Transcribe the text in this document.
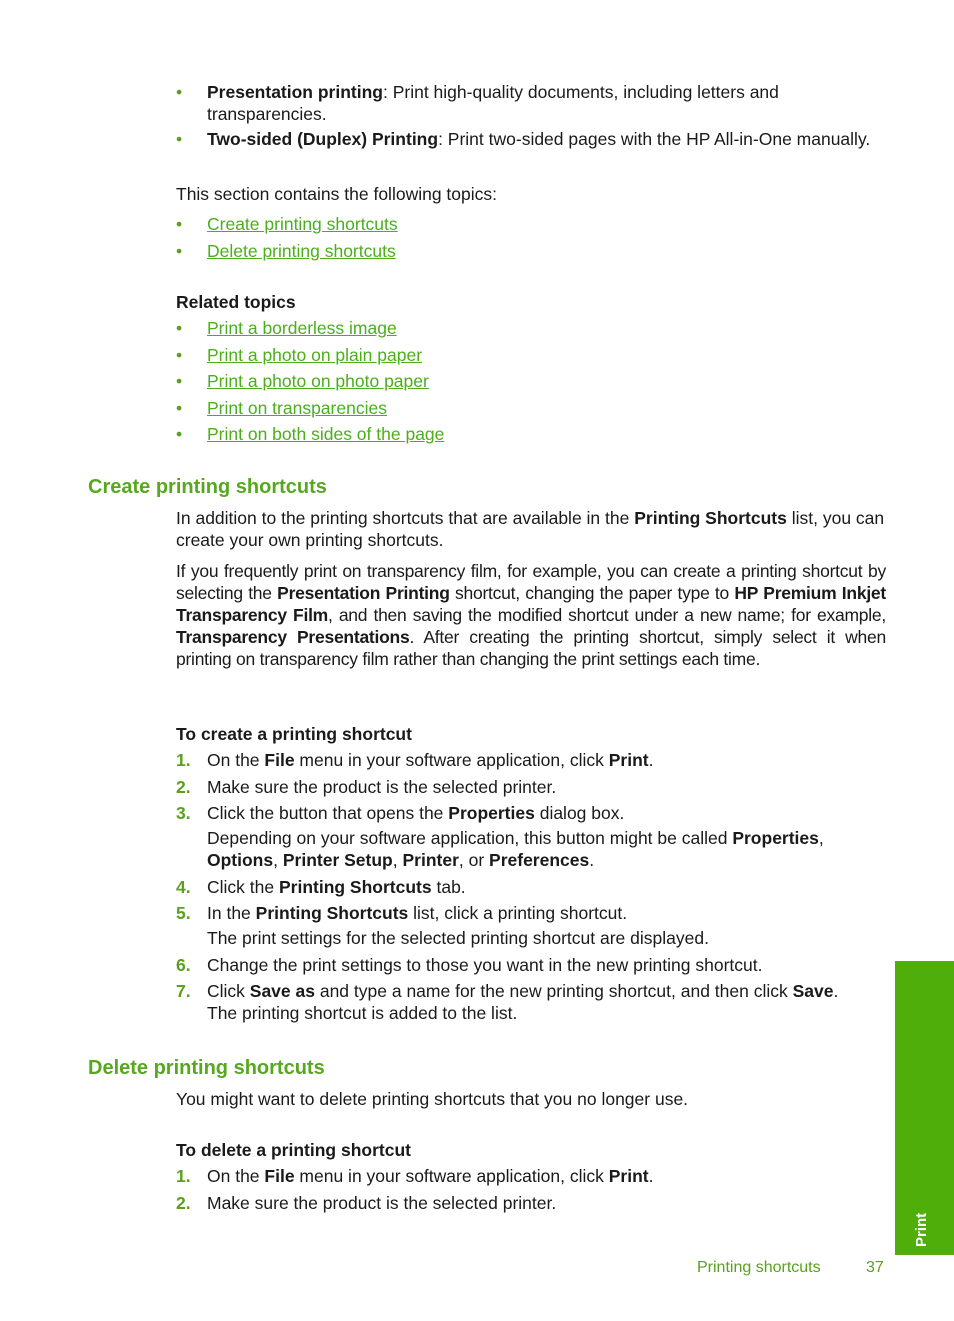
• Presentation printing: Print high-quality documents, including letters and transparencies.
• Two-sided (Duplex) Printing: Print two-sided pages with the HP All-in-One manually.

This section contains the following topics:

• Create printing shortcuts
• Delete printing shortcuts

Related topics

• Print a borderless image
• Print a photo on plain paper
• Print a photo on photo paper
• Print on transparencies
• Print on both sides of the page
Create printing shortcuts

In addition to the printing shortcuts that are available in the Printing Shortcuts list, you can create your own printing shortcuts.

If you frequently print on transparency film, for example, you can create a printing shortcut by selecting the Presentation Printing shortcut, changing the paper type to HP Premium Inkjet Transparency Film, and then saving the modified shortcut under a new name; for example, Transparency Presentations. After creating the printing shortcut, simply select it when printing on transparency film rather than changing the print settings each time.

To create a printing shortcut

1. On the File menu in your software application, click Print.
2. Make sure the product is the selected printer.
3. Click the button that opens the Properties dialog box.

Depending on your software application, this button might be called Properties, Options, Printer Setup, Printer, or Preferences.

4. Click the Printing Shortcuts tab.
5. In the Printing Shortcuts list, click a printing shortcut.

The print settings for the selected printing shortcut are displayed.

6. Change the print settings to those you want in the new printing shortcut.
7. Click Save as and type a name for the new printing shortcut, and then click Save.

The printing shortcut is added to the list.

Delete printing shortcuts

You might want to delete printing shortcuts that you no longer use.

To delete a printing shortcut

1. On the File menu in your software application, click Print.
2. Make sure the product is the selected printer.
Print
Printing shortcuts	37
